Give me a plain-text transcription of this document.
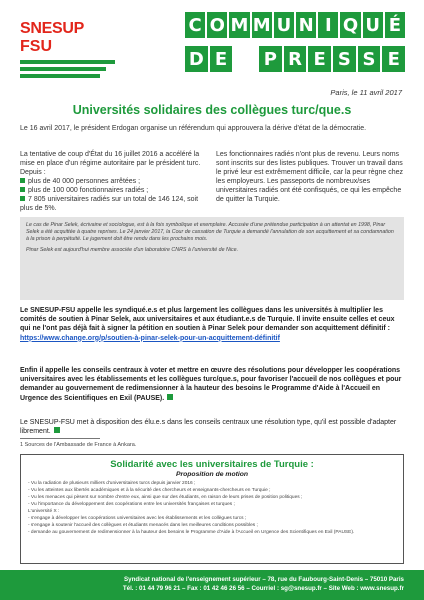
SNESUPFSU
C O M M U N I Q U É
D E P R E S S E
Paris, le 11 avril 2017
Universités solidaires des collègues turc/que.s

Le 16 avril 2017, le président Erdogan organise un référendum qui approuvera la dérive d'état de la démocratie.

La tentative de coup d'État du 16 juillet 2016 a accéléré la mise en place d'un régime autoritaire par le président turc. Depuis :

plus de 40 000 personnes arrêtées ;

plus de 100 000 fonctionnaires radiés ;

7 805 universitaires radiés sur un total de 146 124, soit plus de 5%.

Les fonctionnaires radiés n'ont plus de revenu. Leurs noms sont inscrits sur des listes publiques. Trouver un travail dans le privé leur est extrêmement difficile, car la peur règne chez les employeurs. Les passeports de nombreux/ses universitaires radiés ont été confisqués, ce qui les empêche de quitter la Turquie.

Le cas de Pinar Selek, écrivaine et sociologue, est à la fois symbolique et exemplaire. Accusée d'une prétendue participation à un attentat en 1998, Pinar Selek a été acquittée à quatre reprises. Le 24 janvier 2017, la Cour de cassation de Turquie a demandé l'annulation de son acquittement et sa condamnation à la prison à perpétuité. Le jugement doit être rendu dans les prochains mois.

Pinar Selek est aujourd'hui membre associée d'un laboratoire CNRS à l'université de Nice.

Le SNESUP-FSU appelle les syndiqué.e.s et plus largement les collègues dans les universités à multiplier les comités de soutien à Pinar Selek, aux universitaires et aux étudiant.e.s de Turquie. Il invite ensuite celles et ceux qui ne l'ont pas déjà fait à signer la pétition en soutien à Pinar Selek pour demander son acquittement définitif : https://www.change.org/p/soutien-à-pinar-selek-pour-un-acquittement-définitif

Enfin il appelle les conseils centraux à voter et mettre en œuvre des résolutions pour développer les coopérations universitaires avec les établissements et les collègues turc/que.s, pour favoriser l'accueil de nos collègues et pour demander au gouvernement de redimensionner à la hauteur des besoins le Programme d'Aide à l'Accueil en Urgence des Scientifiques en Exil (PAUSE).

Le SNESUP-FSU met à disposition des élu.e.s dans les conseils centraux une résolution type, qu'il est possible d'adapter librement.

1 Sources de l'Ambassade de France à Ankara.
Solidarité avec les universitaires de Turquie :
Proposition de motion

- Vu la radiation de plusieurs milliers d'universitaires turcs depuis janvier 2016 ;

- Vu les atteintes aux libertés académiques et à la sécurité des chercheurs et enseignants-chercheurs en Turquie ;

- Vu les menaces qui pèsent sur nombre d'entre eux, ainsi que sur des étudiants, en raison de leurs prises de position politiques ;

- Vu l'importance du développement des coopérations entre les universités françaises et turques ;

L'université X :

- s'engage à développer les coopérations universitaires avec les établissements et les collègues turcs ;

- s'engage à soutenir l'accueil des collègues et étudiants menacés dans les meilleures conditions possibles ;

- demande au gouvernement de redimensionner à la hauteur des besoins le Programme d'Aide à l'Accueil en Urgence des Scientifiques en Exil (PAUSE).

Syndicat national de l'enseignement supérieur – 78, rue du Faubourg-Saint-Denis – 75010 Paris
Tél. : 01 44 79 96 21 – Fax : 01 42 46 26 56 – Courriel : sg@snesup.fr – Site Web : www.snesup.fr
